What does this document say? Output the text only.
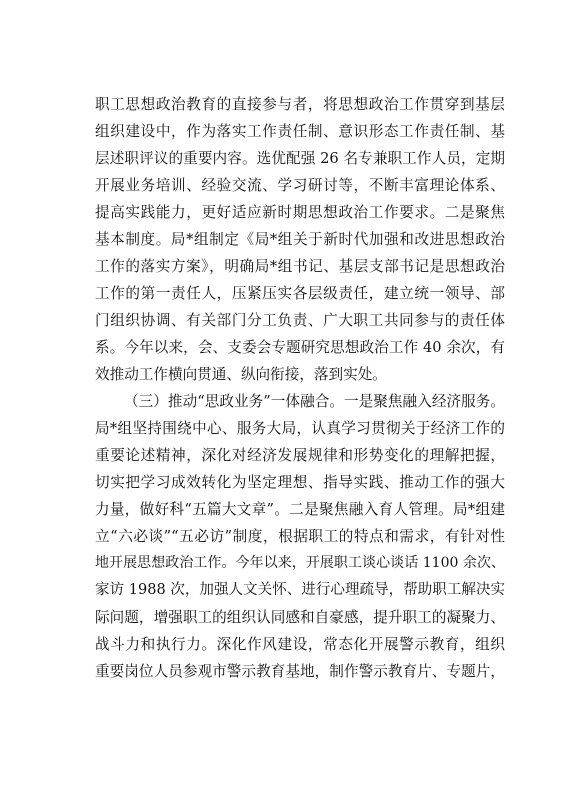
职工思想政治教育的直接参与者，将思想政治工作贯穿到基层
组织建设中，作为落实工作责任制、意识形态工作责任制、基
层述职评议的重要内容。选优配强 26 名专兼职工作人员，定期
开展业务培训、经验交流、学习研讨等，不断丰富理论体系、
提高实践能力，更好适应新时期思想政治工作要求。二是聚焦
基本制度。局*组制定《局*组关于新时代加强和改进思想政治
工作的落实方案》，明确局*组书记、基层支部书记是思想政治
工作的第一责任人，压紧压实各层级责任，建立统一领导、部
门组织协调、有关部门分工负责、广大职工共同参与的责任体
系。今年以来，会、支委会专题研究思想政治工作 40 余次，有
效推动工作横向贯通、纵向衔接，落到实处。
（三）推动“思政业务”一体融合。一是聚焦融入经济服务。
局*组坚持围绕中心、服务大局，认真学习贯彻关于经济工作的
重要论述精神，深化对经济发展规律和形势变化的理解把握，
切实把学习成效转化为坚定理想、指导实践、推动工作的强大
力量，做好科“五篇大文章”。二是聚焦融入育人管理。局*组建
立“六必谈”“五必访”制度，根据职工的特点和需求，有针对性
地开展思想政治工作。今年以来，开展职工谈心谈话 1100 余次、
家访 1988 次，加强人文关怀、进行心理疏导，帮助职工解决实
际问题，增强职工的组织认同感和自豪感，提升职工的凝聚力、
战斗力和执行力。深化作风建设，常态化开展警示教育，组织
重要岗位人员参观市警示教育基地，制作警示教育片、专题片，
